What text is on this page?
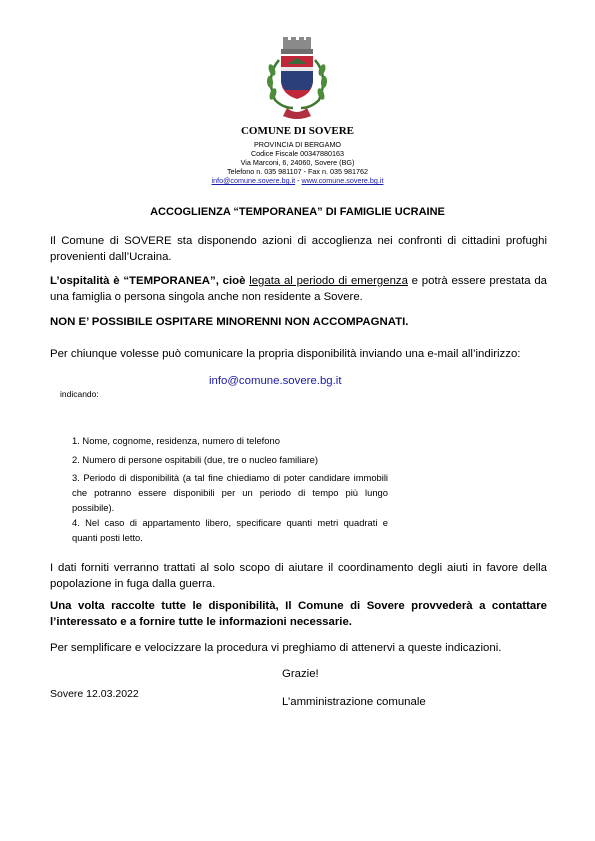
COMUNE DI SOVERE
PROVINCIA DI BERGAMO
Codice Fiscale 00347880163
Via Marconi, 6, 24060, Sovere (BG)
Telefono n. 035 981107 - Fax n. 035 981762
info@comune.sovere.bg.it - www.comune.sovere.bg.it
ACCOGLIENZA “TEMPORANEA” DI FAMIGLIE UCRAINE
Il Comune di SOVERE sta disponendo azioni di accoglienza nei confronti di cittadini profughi provenienti dall’Ucraina.
L’ospitalità è “TEMPORANEA”, cioè legata al periodo di emergenza e potrà essere prestata da una famiglia o persona singola anche non residente a Sovere.
NON E’ POSSIBILE OSPITARE MINORENNI NON ACCOMPAGNATI.
Per chiunque volesse può comunicare la propria disponibilità inviando una e-mail all’indirizzo:
info@comune.sovere.bg.it
indicando:
1. Nome, cognome, residenza, numero di telefono
2. Numero di persone ospitabili (due, tre o nucleo familiare)
3. Periodo di disponibilità (a tal fine chiediamo di poter candidare immobili che potranno essere disponibili per un periodo di tempo più lungo possibile).
4. Nel caso di appartamento libero, specificare quanti metri quadrati e quanti posti letto.
I dati forniti verranno trattati al solo scopo di aiutare il coordinamento degli aiuti in favore della popolazione in fuga dalla guerra.
Una volta raccolte tutte le disponibilità, Il Comune di Sovere provvederà a contattare l’interessato e a fornire tutte le informazioni necessarie.
Per semplificare e velocizzare la procedura vi preghiamo di attenervi a queste indicazioni.
Grazie!
Sovere 12.03.2022
L’amministrazione comunale
